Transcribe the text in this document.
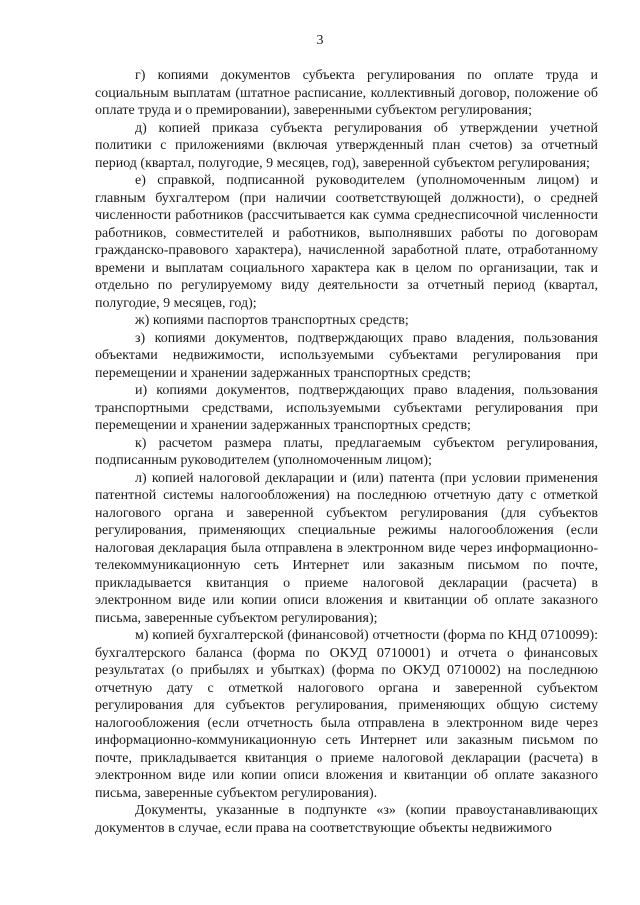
3

г) копиями документов субъекта регулирования по оплате труда и социальным выплатам (штатное расписание, коллективный договор, положение об оплате труда и о премировании), заверенными субъектом регулирования;

д) копией приказа субъекта регулирования об утверждении учетной политики с приложениями (включая утвержденный план счетов) за отчетный период (квартал, полугодие, 9 месяцев, год), заверенной субъектом регулирования;

е) справкой, подписанной руководителем (уполномоченным лицом) и главным бухгалтером (при наличии соответствующей должности), о средней численности работников (рассчитывается как сумма среднесписочной численности работников, совместителей и работников, выполнявших работы по договорам гражданско-правового характера), начисленной заработной плате, отработанному времени и выплатам социального характера как в целом по организации, так и отдельно по регулируемому виду деятельности за отчетный период (квартал, полугодие, 9 месяцев, год);

ж) копиями паспортов транспортных средств;

з) копиями документов, подтверждающих право владения, пользования объектами недвижимости, используемыми субъектами регулирования при перемещении и хранении задержанных транспортных средств;

и) копиями документов, подтверждающих право владения, пользования транспортными средствами, используемыми субъектами регулирования при перемещении и хранении задержанных транспортных средств;

к) расчетом размера платы, предлагаемым субъектом регулирования, подписанным руководителем (уполномоченным лицом);

л) копией налоговой декларации и (или) патента (при условии применения патентной системы налогообложения) на последнюю отчетную дату с отметкой налогового органа и заверенной субъектом регулирования (для субъектов регулирования, применяющих специальные режимы налогообложения (если налоговая декларация была отправлена в электронном виде через информационно-телекоммуникационную сеть Интернет или заказным письмом по почте, прикладывается квитанция о приеме налоговой декларации (расчета) в электронном виде или копии описи вложения и квитанции об оплате заказного письма, заверенные субъектом регулирования);

м) копией бухгалтерской (финансовой) отчетности (форма по КНД 0710099): бухгалтерского баланса (форма по ОКУД 0710001) и отчета о финансовых результатах (о прибылях и убытках) (форма по ОКУД 0710002) на последнюю отчетную дату с отметкой налогового органа и заверенной субъектом регулирования для субъектов регулирования, применяющих общую систему налогообложения (если отчетность была отправлена в электронном виде через информационно-коммуникационную сеть Интернет или заказным письмом по почте, прикладывается квитанция о приеме налоговой декларации (расчета) в электронном виде или копии описи вложения и квитанции об оплате заказного письма, заверенные субъектом регулирования).

Документы, указанные в подпункте «з» (копии правоустанавливающих документов в случае, если права на соответствующие объекты недвижимого
